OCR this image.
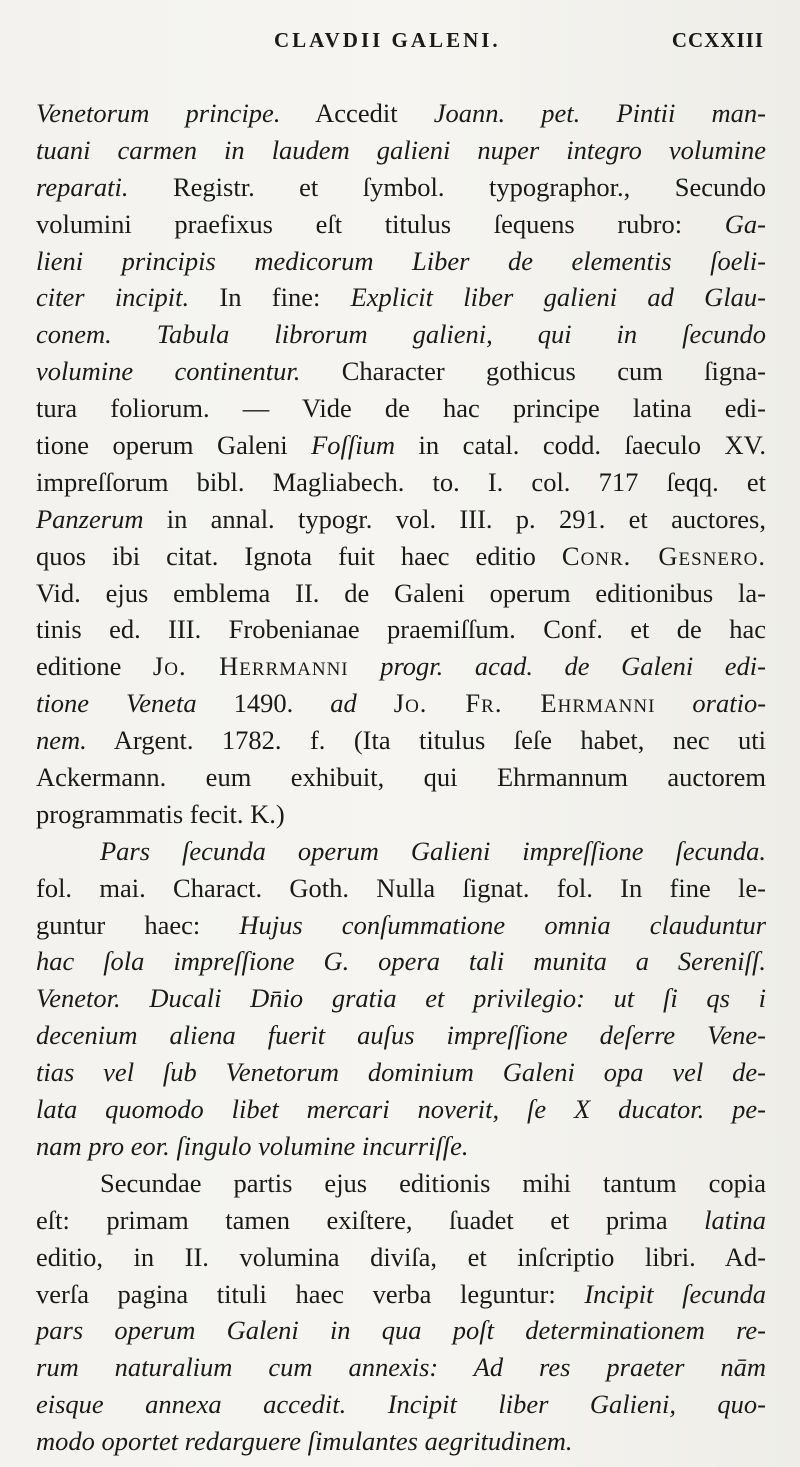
CLAVDII GALENI.	CCXXIII
Venetorum principe. Accedit Joann. pet. Pintii man-
tuani carmen in laudem galieni nuper integro volumine
reparati. Registr. et ſymbol. typographor., Secundo
volumini praefixus eſt titulus ſequens rubro: Ga-
lieni principis medicorum Liber de elementis ſoeli-
citer incipit. In fine: Explicit liber galieni ad Glau-
conem. Tabula librorum galieni, qui in ſecundo
volumine continentur. Character gothicus cum ſigna-
tura foliorum. — Vide de hac principe latina edi-
tione operum Galeni Foſſium in catal. codd. ſaeculo XV.
impreſſorum bibl. Magliabech. to. I. col. 717 ſeqq. et
Panzerum in annal. typogr. vol. III. p. 291. et auctores,
quos ibi citat. Ignota fuit haec editio Conr. Gesnero.
Vid. ejus emblema II. de Galeni operum editionibus la-
tinis ed. III. Frobenianae praemiſſum. Conf. et de hac
editione Jo. Herrmanni progr. acad. de Galeni edi-
tione Veneta 1490. ad Jo. Fr. Ehrmanni oratio-
nem. Argent. 1782. f. (Ita titulus ſeſe habet, nec uti
Ackermann. eum exhibuit, qui Ehrmannum auctorem
programmatis fecit. K.)
Pars ſecunda operum Galieni impreſſione ſecunda.
fol. mai. Charact. Goth. Nulla ſignat. fol. In fine le-
guntur haec: Hujus conſummatione omnia clauduntur
hac ſola impreſſione G. opera tali munita a Sereniſſ.
Venetor. Ducali Dn̄io gratia et privilegio: ut ſi qs i
decenium aliena fuerit auſus impreſſione deſerre Vene-
tias vel ſub Venetorum dominium Galeni opa vel de-
lata quomodo libet mercari noverit, ſe X ducator. pe-
nam pro eor. ſingulo volumine incurriſſe.
Secundae partis ejus editionis mihi tantum copia
eſt: primam tamen exiſtere, ſuadet et prima latina
editio, in II. volumina diviſa, et inſcriptio libri. Ad-
verſa pagina tituli haec verba leguntur: Incipit ſecunda
pars operum Galeni in qua poſt determinationem re-
rum naturalium cum annexis: Ad res praeter nām
eisque annexa accedit. Incipit liber Galieni, quo-
modo oportet redarguere ſimulantes aegritudinem.
